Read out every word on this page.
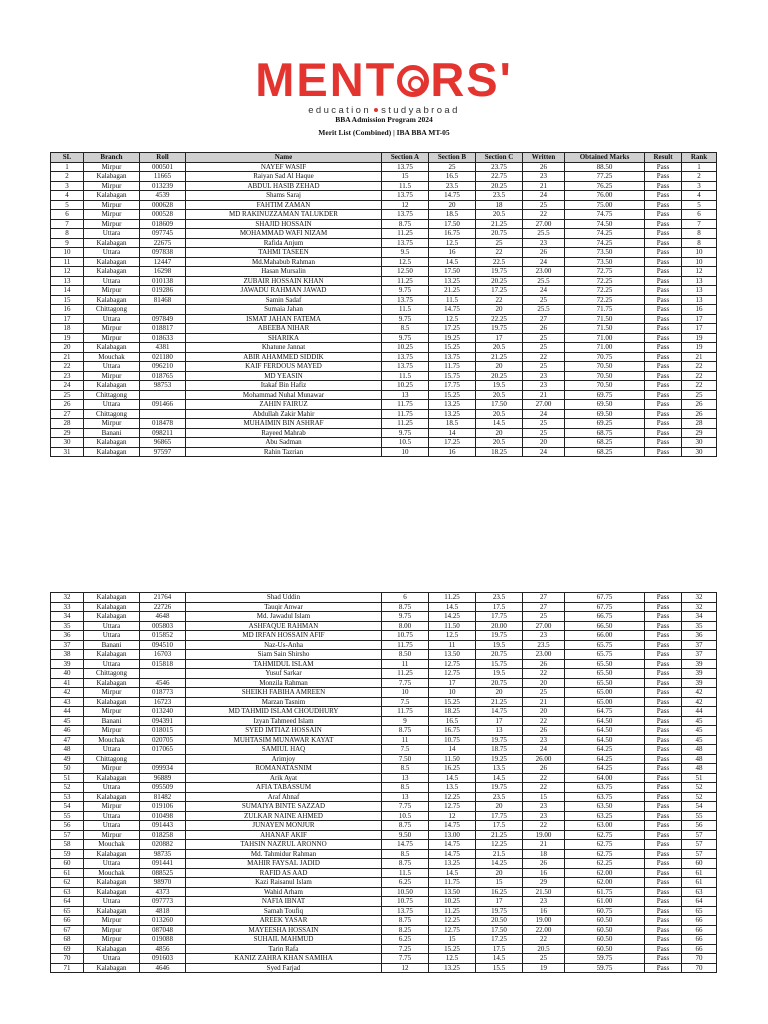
MENT RS'
education studyabroad
BBA Admission Program 2024
Merit List (Combined) | IBA BBA MT-05
SL	Branch	Roll	Name	Section A	Section B	Section C	Written	Obtained Marks	Result	Rank
1	Mirpur	000501	NAYEF WASIF	13.75	25	23.75	26	88.50	Pass	1
2	Kalabagan	11665	Raiyan Sad Al Haque	15	16.5	22.75	23	77.25	Pass	2
3	Mirpur	013239	ABDUL HASIB ZEHAD	11.5	23.5	20.25	21	76.25	Pass	3
4	Kalabagan	4539	Shams Saraj	13.75	14.75	23.5	24	76.00	Pass	4
5	Mirpur	000628	FAHTIM ZAMAN	12	20	18	25	75.00	Pass	5
6	Mirpur	000528	MD RAKINUZZAMAN TALUKDER	13.75	18.5	20.5	22	74.75	Pass	6
7	Mirpur	018609	SHAJID HOSSAIN	8.75	17.50	21.25	27.00	74.50	Pass	7
8	Uttara	097745	MOHAMMAD WAFI NIZAM	11.25	16.75	20.75	25.5	74.25	Pass	8
9	Kalabagan	22675	Rafida Anjum	13.75	12.5	25	23	74.25	Pass	8
10	Uttara	097838	TAHMI TASEEN	9.5	16	22	26	73.50	Pass	10
11	Kalabagan	12447	Md.Mahabub Rahman	12.5	14.5	22.5	24	73.50	Pass	10
12	Kalabagan	16298	Hasan Mursalin	12.50	17.50	19.75	23.00	72.75	Pass	12
13	Uttara	010138	ZUBAIR HOSSAIN KHAN	11.25	13.25	20.25	25.5	72.25	Pass	13
14	Mirpur	019286	JAWADU RAHMAN JAWAD	9.75	21.25	17.25	24	72.25	Pass	13
15	Kalabagan	81468	Samin Sadaf	13.75	11.5	22	25	72.25	Pass	13
16	Chittagong		Sumaia Jahan	11.5	14.75	20	25.5	71.75	Pass	16
17	Uttara	097849	ISMAT JAHAN FATEMA	9.75	12.5	22.25	27	71.50	Pass	17
18	Mirpur	018817	ABEEBA NIHAR	8.5	17.25	19.75	26	71.50	Pass	17
19	Mirpur	018633	SHARIKA	9.75	19.25	17	25	71.00	Pass	19
20	Kalabagan	4381	Khatune Jannat	10.25	15.25	20.5	25	71.00	Pass	19
21	Mouchak	021180	ABIR AHAMMED SIDDIK	13.75	13.75	21.25	22	70.75	Pass	21
22	Uttara	096210	KAIF FERDOUS MAYED	13.75	11.75	20	25	70.50	Pass	22
23	Mirpur	018765	MD YEASIN	11.5	15.75	20.25	23	70.50	Pass	22
24	Kalabagan	98753	Itakaf Bin Hafiz	10.25	17.75	19.5	23	70.50	Pass	22
25	Chittagong		Mohammad Nuhal Munawar	13	15.25	20.5	21	69.75	Pass	25
26	Uttara	091466	ZAHIN FAIRUZ	11.75	13.25	17.50	27.00	69.50	Pass	26
27	Chittagong		Abdullah Zakir Mahir	11.75	13.25	20.5	24	69.50	Pass	26
28	Mirpur	018478	MUHAIMIN BIN ASHRAF	11.25	18.5	14.5	25	69.25	Pass	28
29	Banani	098211	Rayeed Mahrab	9.75	14	20	25	68.75	Pass	29
30	Kalabagan	96865	Abu Sadman	10.5	17.25	20.5	20	68.25	Pass	30
31	Kalabagan	97597	Rahin Tazrian	10	16	18.25	24	68.25	Pass	30
32	Kalabagan	21764	Shad Uddin	6	11.25	23.5	27	67.75	Pass	32
33	Kalabagan	22726	Tauqir Anwar	8.75	14.5	17.5	27	67.75	Pass	32
34	Kalabagan	4648	Md. Jawadul Islam	9.75	14.25	17.75	25	66.75	Pass	34
35	Uttara	005803	ASHFAQUE RAHMAN	8.00	11.50	20.00	27.00	66.50	Pass	35
36	Uttara	015852	MD IRFAN HOSSAIN AFIF	10.75	12.5	19.75	23	66.00	Pass	36
37	Banani	094510	Naz-Us-Anha	11.75	11	19.5	23.5	65.75	Pass	37
38	Kalabagan	16703	Siam Sain Shirsho	8.50	13.50	20.75	23.00	65.75	Pass	37
39	Uttara	015818	TAHMIDUL ISLAM	11	12.75	15.75	26	65.50	Pass	39
40	Chittagong		Yusuf Sarkar	11.25	12.75	19.5	22	65.50	Pass	39
41	Kalabagan	4546	Monzila Rahman	7.75	17	20.75	20	65.50	Pass	39
42	Mirpur	018773	SHEIKH FABIHA AMREEN	10	10	20	25	65.00	Pass	42
43	Kalabagan	16723	Marzan Tasnim	7.5	15.25	21.25	21	65.00	Pass	42
44	Mirpur	013240	MD TAHMID ISLAM CHOUDHURY	11.75	18.25	14.75	20	64.75	Pass	44
45	Banani	094391	Izyan Tahmeed Islam	9	16.5	17	22	64.50	Pass	45
46	Mirpur	018015	SYED IMTIAZ HOSSAIN	8.75	16.75	13	26	64.50	Pass	45
47	Mouchak	020705	MUHTASIM MUNAWAR KAYAT	11	10.75	19.75	23	64.50	Pass	45
48	Uttara	017065	SAMIUL HAQ	7.5	14	18.75	24	64.25	Pass	48
49	Chittagong		Arimjoy	7.50	11.50	19.25	26.00	64.25	Pass	48
50	Mirpur	099934	ROMANATASNIM	8.5	16.25	13.5	26	64.25	Pass	48
51	Kalabagan	96889	Arik Ayat	13	14.5	14.5	22	64.00	Pass	51
52	Uttara	095509	AFIA TABASSUM	8.5	13.5	19.75	22	63.75	Pass	52
53	Kalabagan	81482	Araf Ahnaf	13	12.25	23.5	15	63.75	Pass	52
54	Mirpur	019106	SUMAIYA BINTE SAZZAD	7.75	12.75	20	23	63.50	Pass	54
55	Uttara	010498	ZULKAR NAINE AHMED	10.5	12	17.75	23	63.25	Pass	55
56	Uttara	091443	JUNAYEN MONJUR	8.75	14.75	17.5	22	63.00	Pass	56
57	Mirpur	018258	AHANAF AKIF	9.50	13.00	21.25	19.00	62.75	Pass	57
58	Mouchak	020882	TAHSIN NAZRUL ARONNO	14.75	14.75	12.25	21	62.75	Pass	57
59	Kalabagan	98735	Md. Tahmidur Rahman	8.5	14.75	21.5	18	62.75	Pass	57
60	Uttara	091441	MAHIR FAYSAL JADID	8.75	13.25	14.25	26	62.25	Pass	60
61	Mouchak	088525	RAFID AS AAD	11.5	14.5	20	16	62.00	Pass	61
62	Kalabagan	98970	Kazi Raisanul Islam	6.25	11.75	15	29	62.00	Pass	61
63	Kalabagan	4373	Wahid Arham	10.50	13.50	16.25	21.50	61.75	Pass	63
64	Uttara	097773	NAFIA IBNAT	10.75	10.25	17	23	61.00	Pass	64
65	Kalabagan	4818	Samah Toufiq	13.75	11.25	19.75	16	60.75	Pass	65
66	Mirpur	013260	AREEK YASAR	8.75	12.25	20.50	19.00	60.50	Pass	66
67	Mirpur	087048	MAYEESHA HOSSAIN	8.25	12.75	17.50	22.00	60.50	Pass	66
68	Mirpur	019088	SUHAIL MAHMUD	6.25	15	17.25	22	60.50	Pass	66
69	Kalabagan	4856	Tarin Rafa	7.25	15.25	17.5	20.5	60.50	Pass	66
70	Uttara	091603	KANIZ ZAHRA KHAN SAMIHA	7.75	12.5	14.5	25	59.75	Pass	70
71	Kalabagan	4646	Syed Farjad	12	13.25	15.5	19	59.75	Pass	70
